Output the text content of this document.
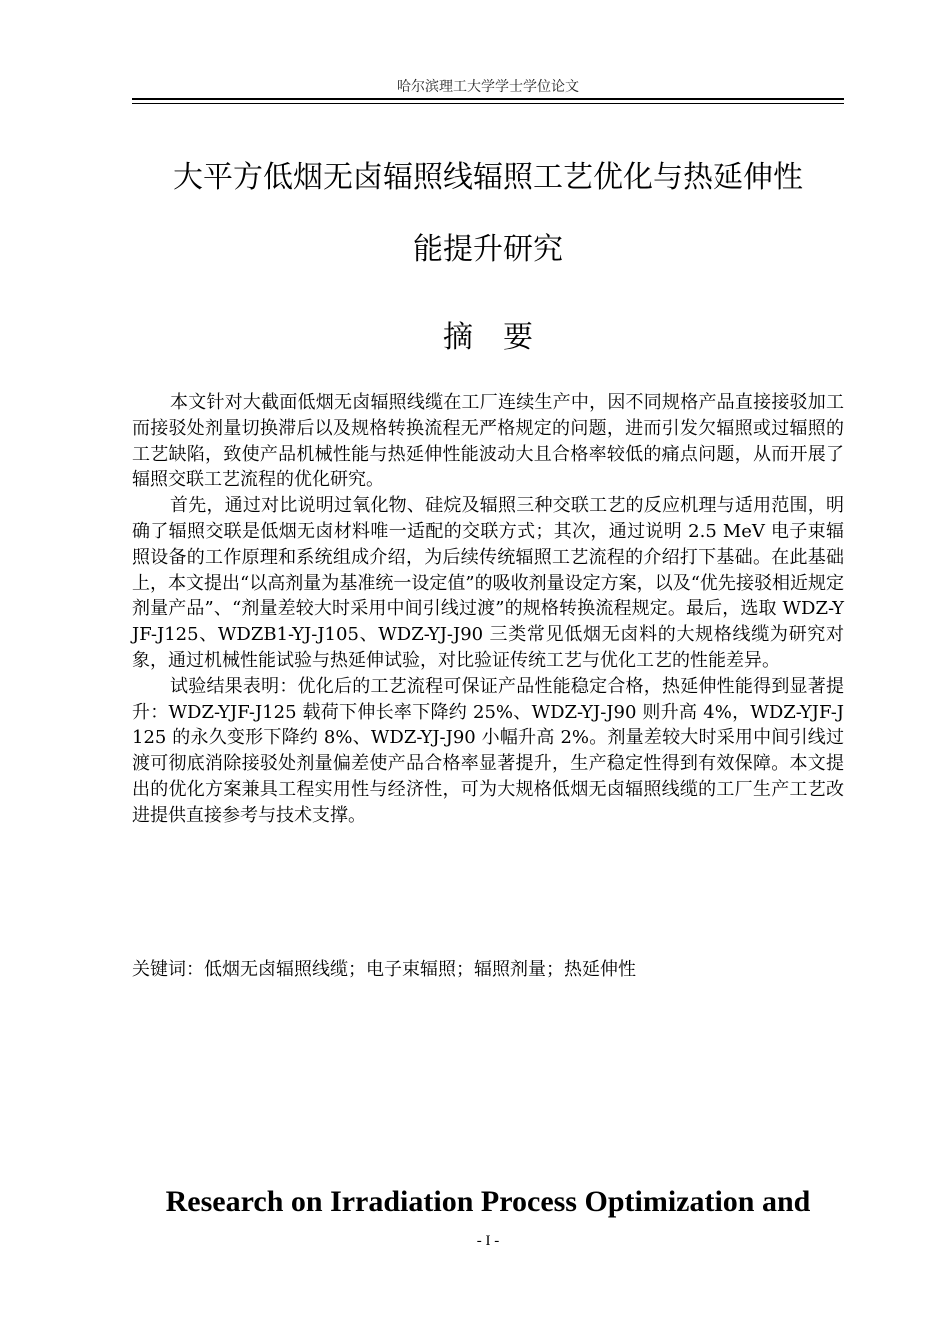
哈尔滨理工大学学士学位论文
大平方低烟无卤辐照线辐照工艺优化与热延伸性
能提升研究
摘要

本文针对大截面低烟无卤辐照线缆在工厂连续生产中，因不同规格产品直接接驳加工而接驳处剂量切换滞后以及规格转换流程无严格规定的问题，进而引发欠辐照或过辐照的工艺缺陷，致使产品机械性能与热延伸性能波动大且合格率较低的痛点问题，从而开展了辐照交联工艺流程的优化研究。

首先，通过对比说明过氧化物、硅烷及辐照三种交联工艺的反应机理与适用范围，明确了辐照交联是低烟无卤材料唯一适配的交联方式；其次，通过说明 2.5 MeV 电子束辐照设备的工作原理和系统组成介绍，为后续传统辐照工艺流程的介绍打下基础。在此基础上，本文提出“以高剂量为基准统一设定值”的吸收剂量设定方案，以及“优先接驳相近规定剂量产品”、“剂量差较大时采用中间引线过渡”的规格转换流程规定。最后，选取 WDZ-YJF-J125、WDZB1-YJ-J105、WDZ-YJ-J90 三类常见低烟无卤料的大规格线缆为研究对象，通过机械性能试验与热延伸试验，对比验证传统工艺与优化工艺的性能差异。

试验结果表明：优化后的工艺流程可保证产品性能稳定合格，热延伸性能得到显著提升：WDZ-YJF-J125 载荷下伸长率下降约 25%、WDZ-YJ-J90 则升高 4%，WDZ-YJF-J125 的永久变形下降约 8%、WDZ-YJ-J90 小幅升高 2%。剂量差较大时采用中间引线过渡可彻底消除接驳处剂量偏差使产品合格率显著提升，生产稳定性得到有效保障。本文提出的优化方案兼具工程实用性与经济性，可为大规格低烟无卤辐照线缆的工厂生产工艺改进提供直接参考与技术支撑。

关键词：低烟无卤辐照线缆；电子束辐照；辐照剂量；热延伸性
Research on Irradiation Process Optimization and
- I -
